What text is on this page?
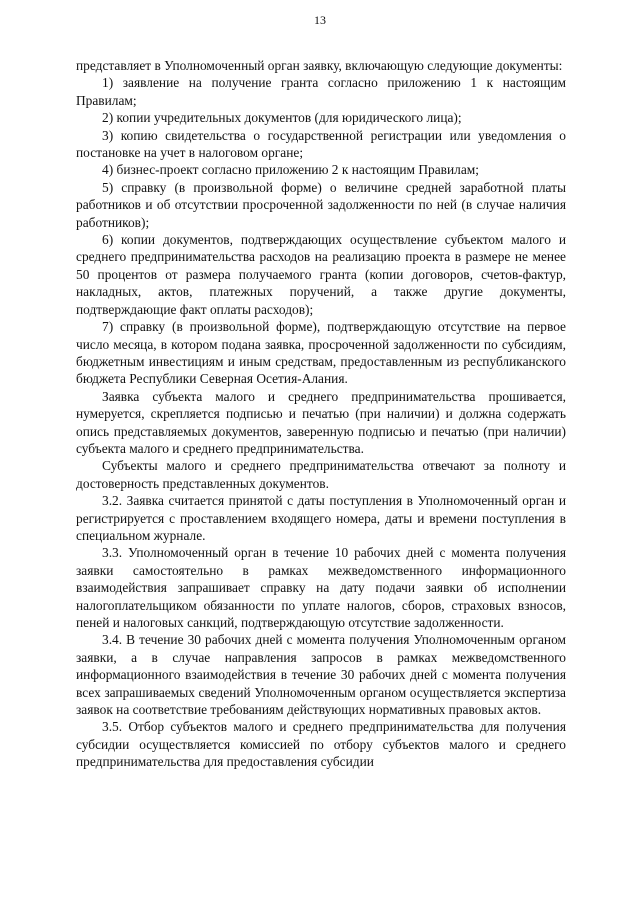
13

представляет в Уполномоченный орган заявку, включающую следующие документы:

1) заявление на получение гранта согласно приложению 1 к настоящим Правилам;

2) копии учредительных документов (для юридического лица);

3) копию свидетельства о государственной регистрации или уведомления о постановке на учет в налоговом органе;

4) бизнес-проект согласно приложению 2 к настоящим Правилам;

5) справку (в произвольной форме) о величине средней заработной платы работников и об отсутствии просроченной задолженности по ней (в случае наличия работников);

6) копии документов, подтверждающих осуществление субъектом малого и среднего предпринимательства расходов на реализацию проекта в размере не менее 50 процентов от размера получаемого гранта (копии договоров, счетов-фактур, накладных, актов, платежных поручений, а также другие документы, подтверждающие факт оплаты расходов);

7) справку (в произвольной форме), подтверждающую отсутствие на первое число месяца, в котором подана заявка, просроченной задолженности по субсидиям, бюджетным инвестициям и иным средствам, предоставленным из республиканского бюджета Республики Северная Осетия-Алания.

Заявка субъекта малого и среднего предпринимательства прошивается, нумеруется, скрепляется подписью и печатью (при наличии) и должна содержать опись представляемых документов, заверенную подписью и печатью (при наличии) субъекта малого и среднего предпринимательства.

Субъекты малого и среднего предпринимательства отвечают за полноту и достоверность представленных документов.

3.2. Заявка считается принятой с даты поступления в Уполномоченный орган и регистрируется с проставлением входящего номера, даты и времени поступления в специальном журнале.

3.3. Уполномоченный орган в течение 10 рабочих дней с момента получения заявки самостоятельно в рамках межведомственного информационного взаимодействия запрашивает справку на дату подачи заявки об исполнении налогоплательщиком обязанности по уплате налогов, сборов, страховых взносов, пеней и налоговых санкций, подтверждающую отсутствие задолженности.

3.4. В течение 30 рабочих дней с момента получения Уполномоченным органом заявки, а в случае направления запросов в рамках межведомственного информационного взаимодействия в течение 30 рабочих дней с момента получения всех запрашиваемых сведений Уполномоченным органом осуществляется экспертиза заявок на соответствие требованиям действующих нормативных правовых актов.

3.5. Отбор субъектов малого и среднего предпринимательства для получения субсидии осуществляется комиссией по отбору субъектов малого и среднего предпринимательства для предоставления субсидии
